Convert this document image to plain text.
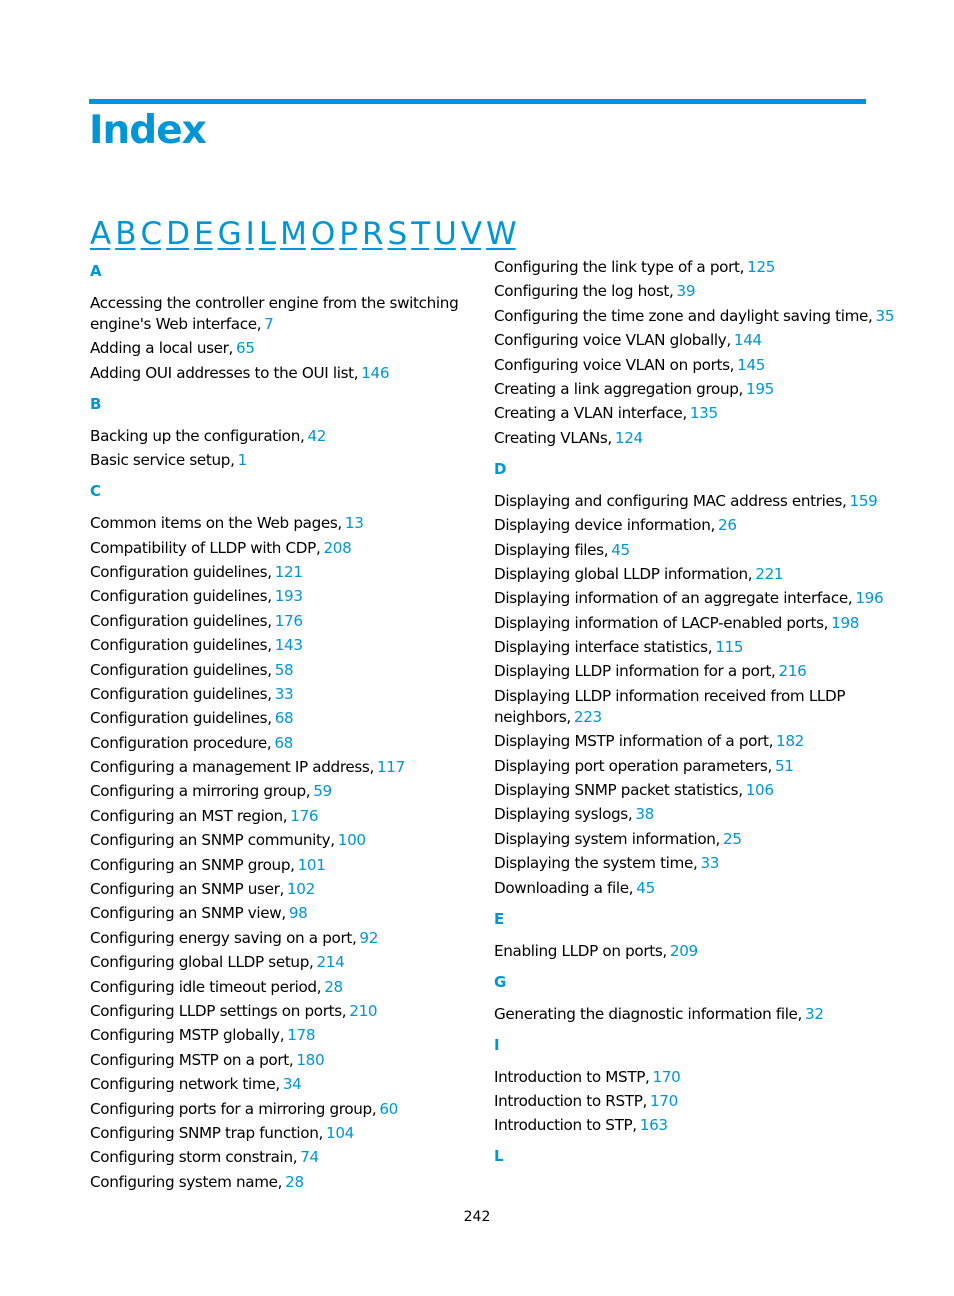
Index
A B C D E G I L M O P R S T U V W
A
Accessing the controller engine from the switching engine's Web interface, 7
Adding a local user, 65
Adding OUI addresses to the OUI list, 146
B
Backing up the configuration, 42
Basic service setup, 1
C
Common items on the Web pages, 13
Compatibility of LLDP with CDP, 208
Configuration guidelines, 121
Configuration guidelines, 193
Configuration guidelines, 176
Configuration guidelines, 143
Configuration guidelines, 58
Configuration guidelines, 33
Configuration guidelines, 68
Configuration procedure, 68
Configuring a management IP address, 117
Configuring a mirroring group, 59
Configuring an MST region, 176
Configuring an SNMP community, 100
Configuring an SNMP group, 101
Configuring an SNMP user, 102
Configuring an SNMP view, 98
Configuring energy saving on a port, 92
Configuring global LLDP setup, 214
Configuring idle timeout period, 28
Configuring LLDP settings on ports, 210
Configuring MSTP globally, 178
Configuring MSTP on a port, 180
Configuring network time, 34
Configuring ports for a mirroring group, 60
Configuring SNMP trap function, 104
Configuring storm constrain, 74
Configuring system name, 28
Configuring the link type of a port, 125
Configuring the log host, 39
Configuring the time zone and daylight saving time, 35
Configuring voice VLAN globally, 144
Configuring voice VLAN on ports, 145
Creating a link aggregation group, 195
Creating a VLAN interface, 135
Creating VLANs, 124
D
Displaying and configuring MAC address entries, 159
Displaying device information, 26
Displaying files, 45
Displaying global LLDP information, 221
Displaying information of an aggregate interface, 196
Displaying information of LACP-enabled ports, 198
Displaying interface statistics, 115
Displaying LLDP information for a port, 216
Displaying LLDP information received from LLDP neighbors, 223
Displaying MSTP information of a port, 182
Displaying port operation parameters, 51
Displaying SNMP packet statistics, 106
Displaying syslogs, 38
Displaying system information, 25
Displaying the system time, 33
Downloading a file, 45
E
Enabling LLDP on ports, 209
G
Generating the diagnostic information file, 32
I
Introduction to MSTP, 170
Introduction to RSTP, 170
Introduction to STP, 163
L
242
